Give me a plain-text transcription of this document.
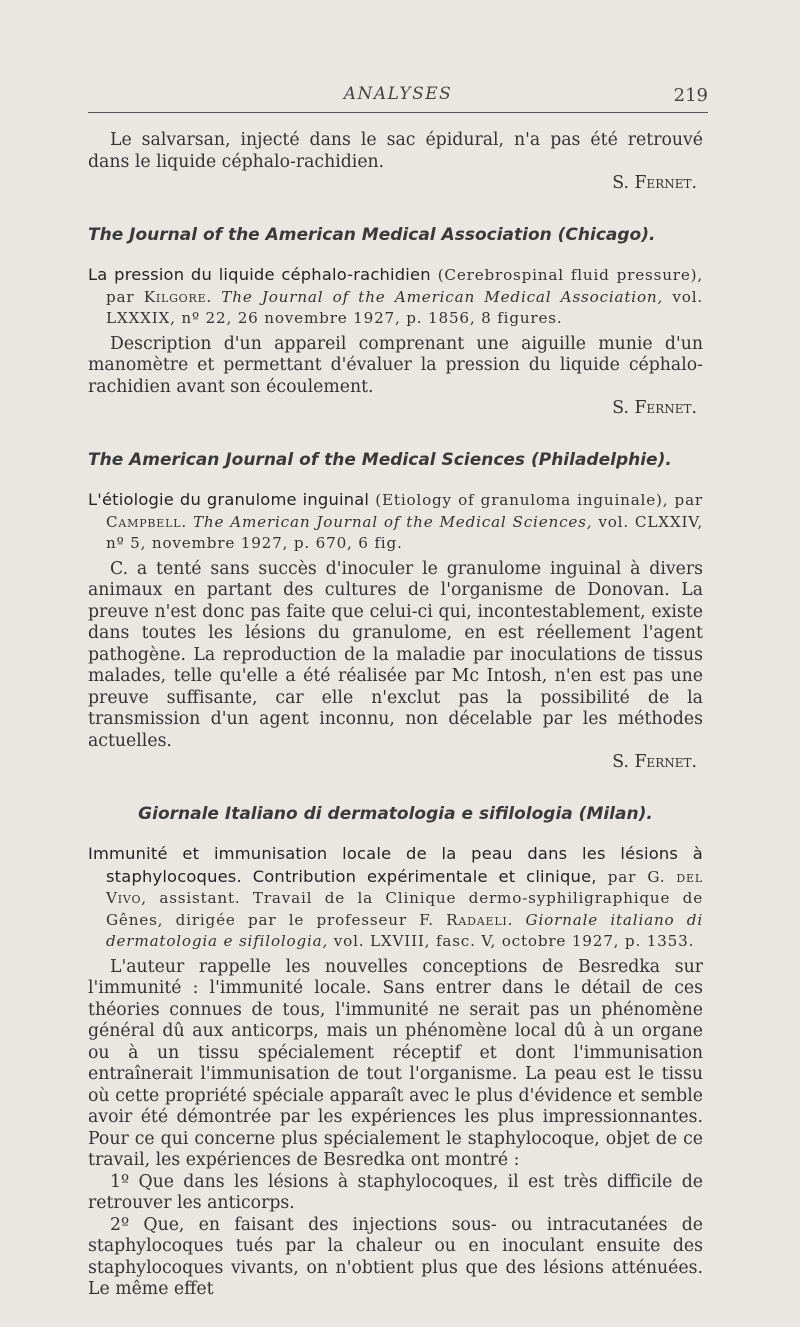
ANALYSES	219

Le salvarsan, injecté dans le sac épidural, n'a pas été retrouvé dans le liquide céphalo-rachidien.

S. Fernet.

The Journal of the American Medical Association (Chicago).

La pression du liquide céphalo-rachidien (Cerebrospinal fluid pressure), par Kilgore. The Journal of the American Medical Association, vol. LXXXIX, nº 22, 26 novembre 1927, p. 1856, 8 figures.

Description d'un appareil comprenant une aiguille munie d'un manomètre et permettant d'évaluer la pression du liquide céphalo-rachidien avant son écoulement.

S. Fernet.

The American Journal of the Medical Sciences (Philadelphie).

L'étiologie du granulome inguinal (Etiology of granuloma inguinale), par Campbell. The American Journal of the Medical Sciences, vol. CLXXIV, nº 5, novembre 1927, p. 670, 6 fig.

C. a tenté sans succès d'inoculer le granulome inguinal à divers animaux en partant des cultures de l'organisme de Donovan. La preuve n'est donc pas faite que celui-ci qui, incontestablement, existe dans toutes les lésions du granulome, en est réellement l'agent pathogène. La reproduction de la maladie par inoculations de tissus malades, telle qu'elle a été réalisée par Mc Intosh, n'en est pas une preuve suffisante, car elle n'exclut pas la possibilité de la transmission d'un agent inconnu, non décelable par les méthodes actuelles.

S. Fernet.

Giornale Italiano di dermatologia e sifilologia (Milan).

Immunité et immunisation locale de la peau dans les lésions à staphylocoques. Contribution expérimentale et clinique, par G. del Vivo, assistant. Travail de la Clinique dermo-syphiligraphique de Gênes, dirigée par le professeur F. Radaeli. Giornale italiano di dermatologia e sifilologia, vol. LXVIII, fasc. V, octobre 1927, p. 1353.

L'auteur rappelle les nouvelles conceptions de Besredka sur l'immunité : l'immunité locale. Sans entrer dans le détail de ces théories connues de tous, l'immunité ne serait pas un phénomène général dû aux anticorps, mais un phénomène local dû à un organe ou à un tissu spécialement réceptif et dont l'immunisation entraînerait l'immunisation de tout l'organisme. La peau est le tissu où cette propriété spéciale apparaît avec le plus d'évidence et semble avoir été démontrée par les expériences les plus impressionnantes. Pour ce qui concerne plus spécialement le staphylocoque, objet de ce travail, les expériences de Besredka ont montré :

1º Que dans les lésions à staphylocoques, il est très difficile de retrouver les anticorps.

2º Que, en faisant des injections sous- ou intracutanées de staphylocoques tués par la chaleur ou en inoculant ensuite des staphylocoques vivants, on n'obtient plus que des lésions atténuées. Le même effet
